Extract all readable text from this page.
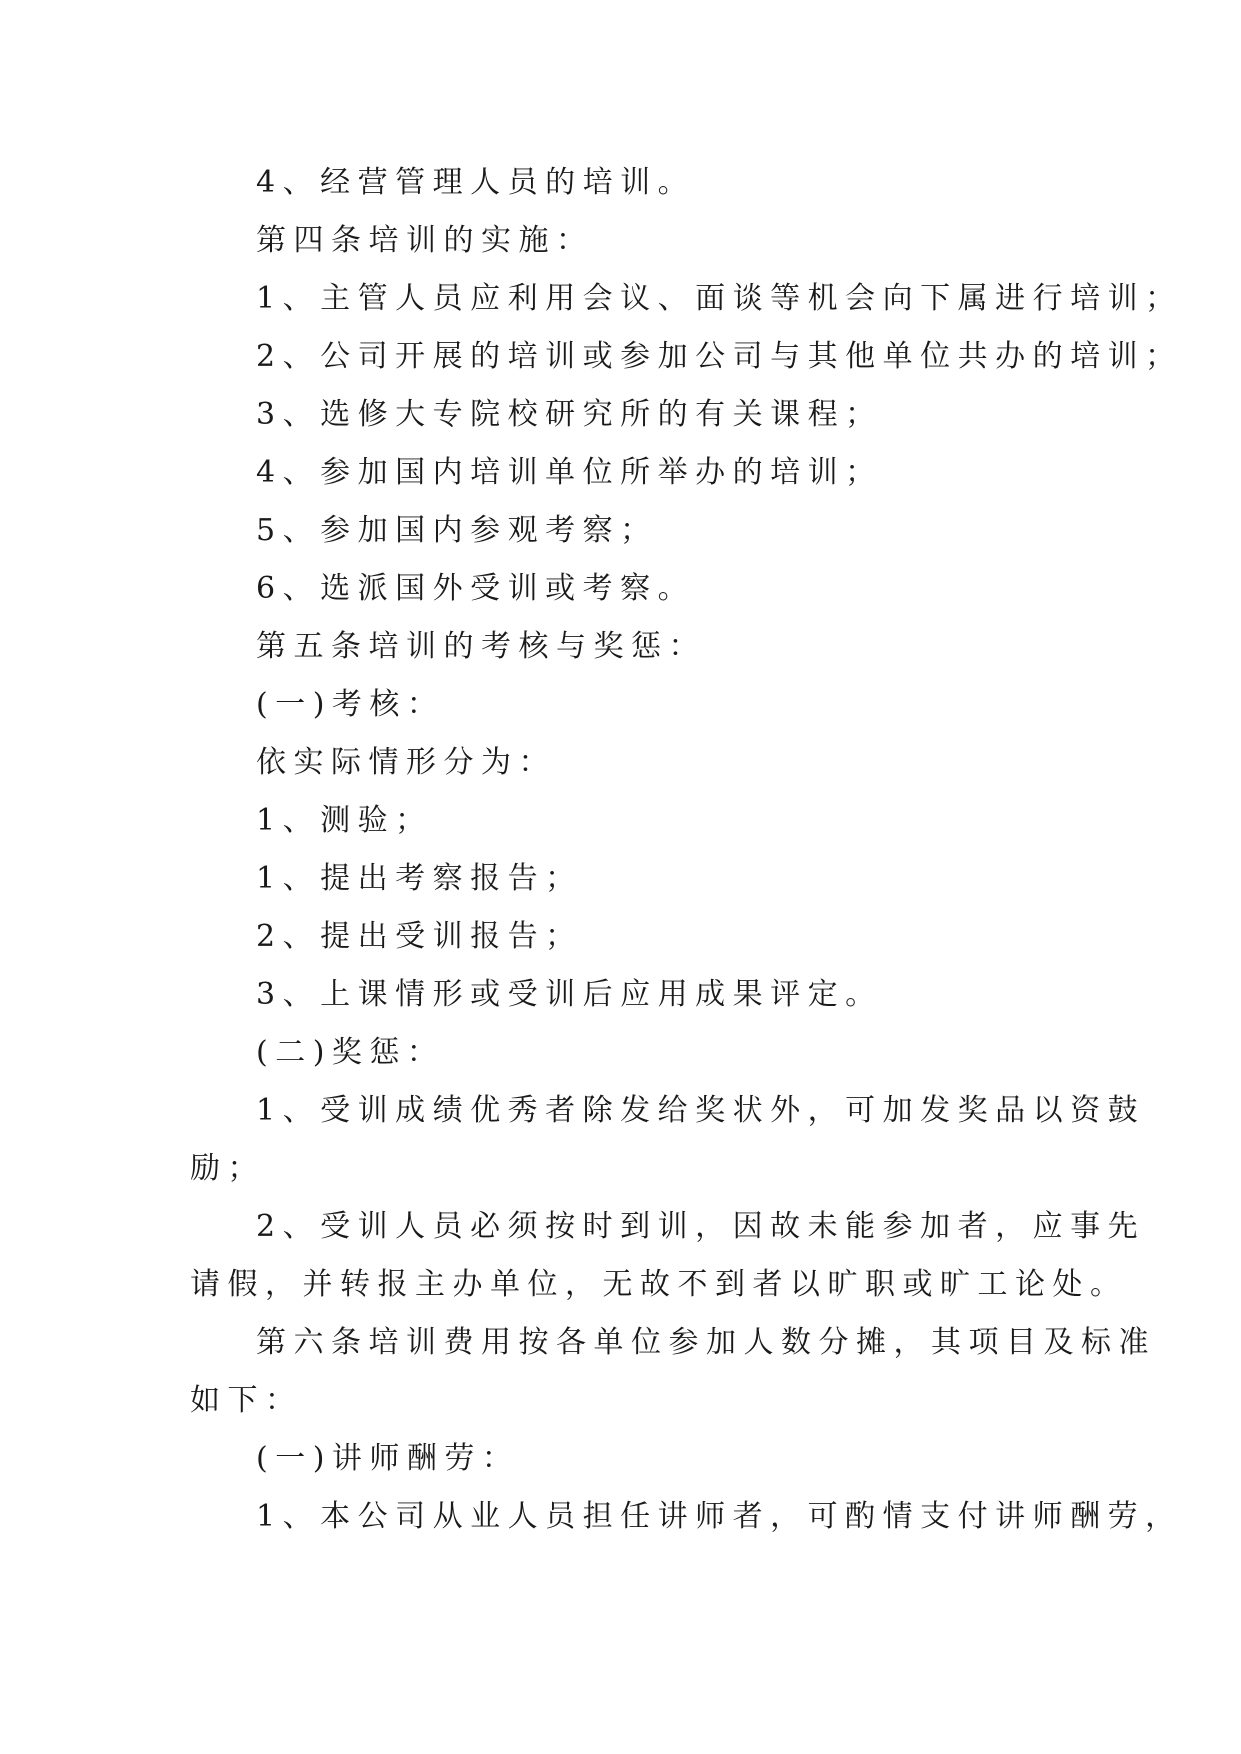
4、经营管理人员的培训。
第四条培训的实施：
1、主管人员应利用会议、面谈等机会向下属进行培训；
2、公司开展的培训或参加公司与其他单位共办的培训；
3、选修大专院校研究所的有关课程；
4、参加国内培训单位所举办的培训；
5、参加国内参观考察；
6、选派国外受训或考察。
第五条培训的考核与奖惩：
(一)考核：
依实际情形分为：
1、测验；
1、提出考察报告；
2、提出受训报告；
3、上课情形或受训后应用成果评定。
(二)奖惩：
1、受训成绩优秀者除发给奖状外，可加发奖品以资鼓
励；
2、受训人员必须按时到训，因故未能参加者，应事先
请假，并转报主办单位，无故不到者以旷职或旷工论处。
第六条培训费用按各单位参加人数分摊，其项目及标准
如下：
(一)讲师酬劳：
1、本公司从业人员担任讲师者，可酌情支付讲师酬劳，
